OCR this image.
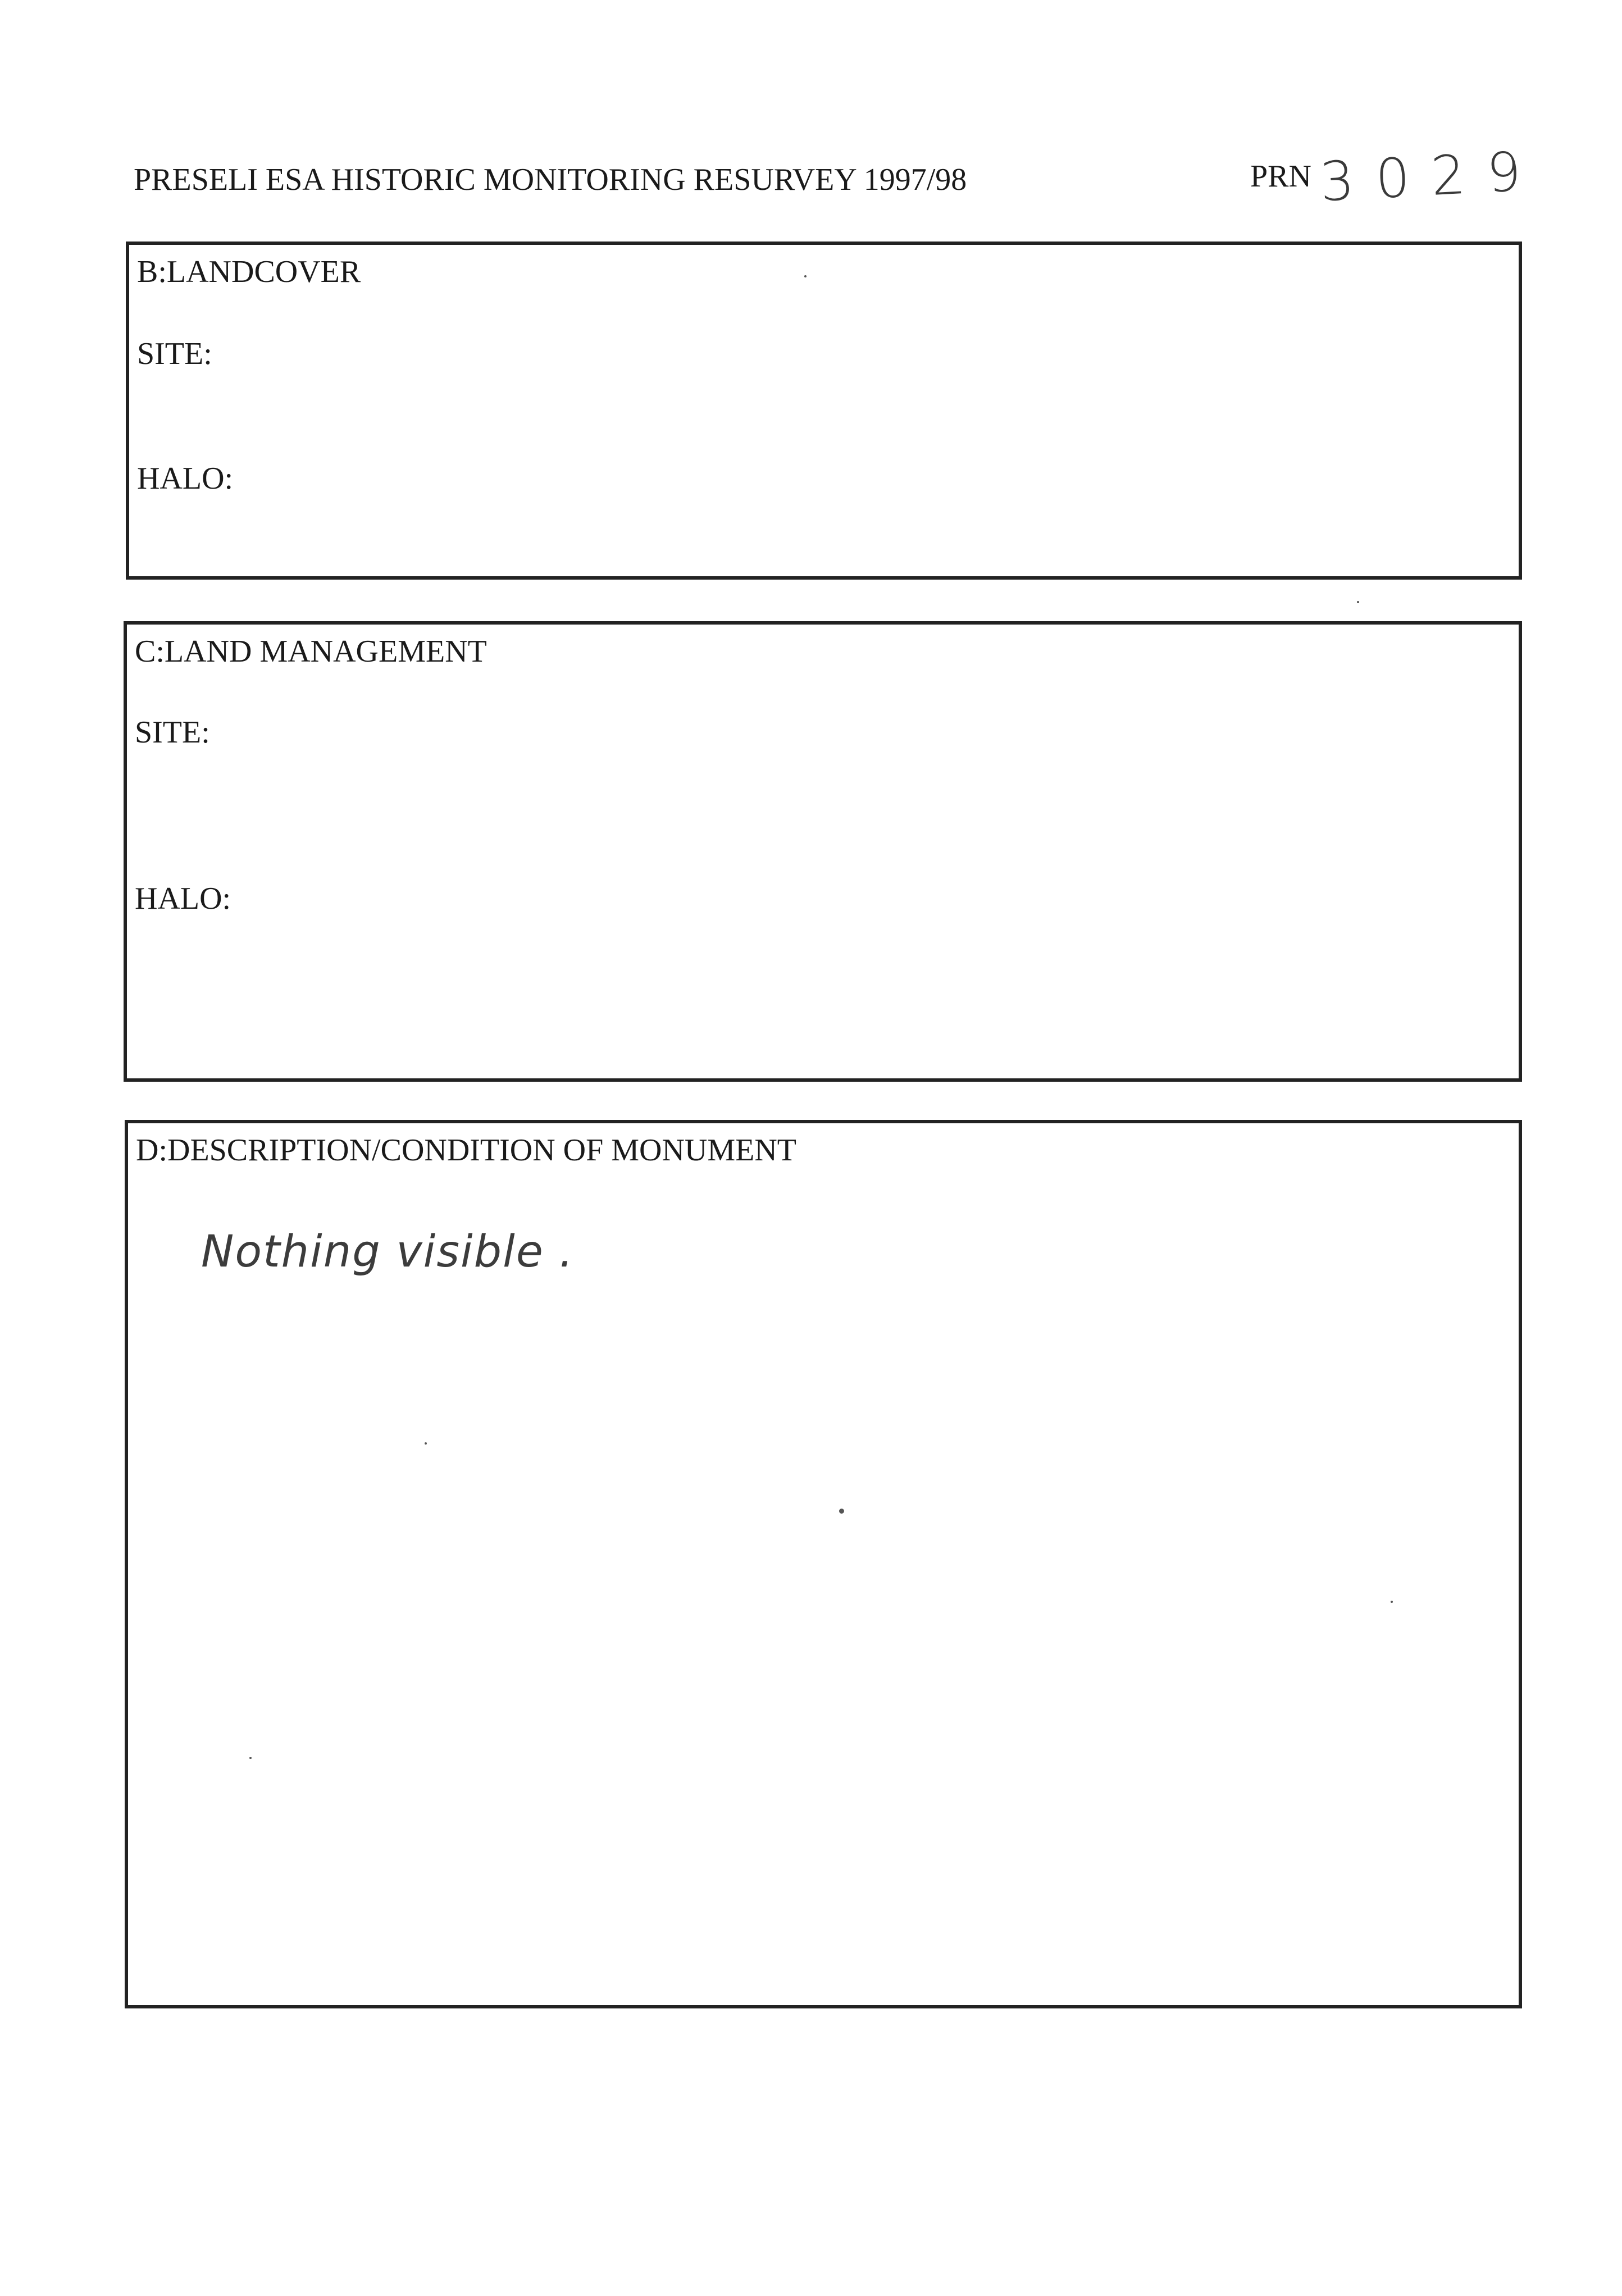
PRESELI ESA HISTORIC MONITORING RESURVEY 1997/98	PRN 3029
B:LANDCOVER
SITE:
HALO:
C:LAND MANAGEMENT
SITE:
HALO:
D:DESCRIPTION/CONDITION OF MONUMENT
Nothing visible .
